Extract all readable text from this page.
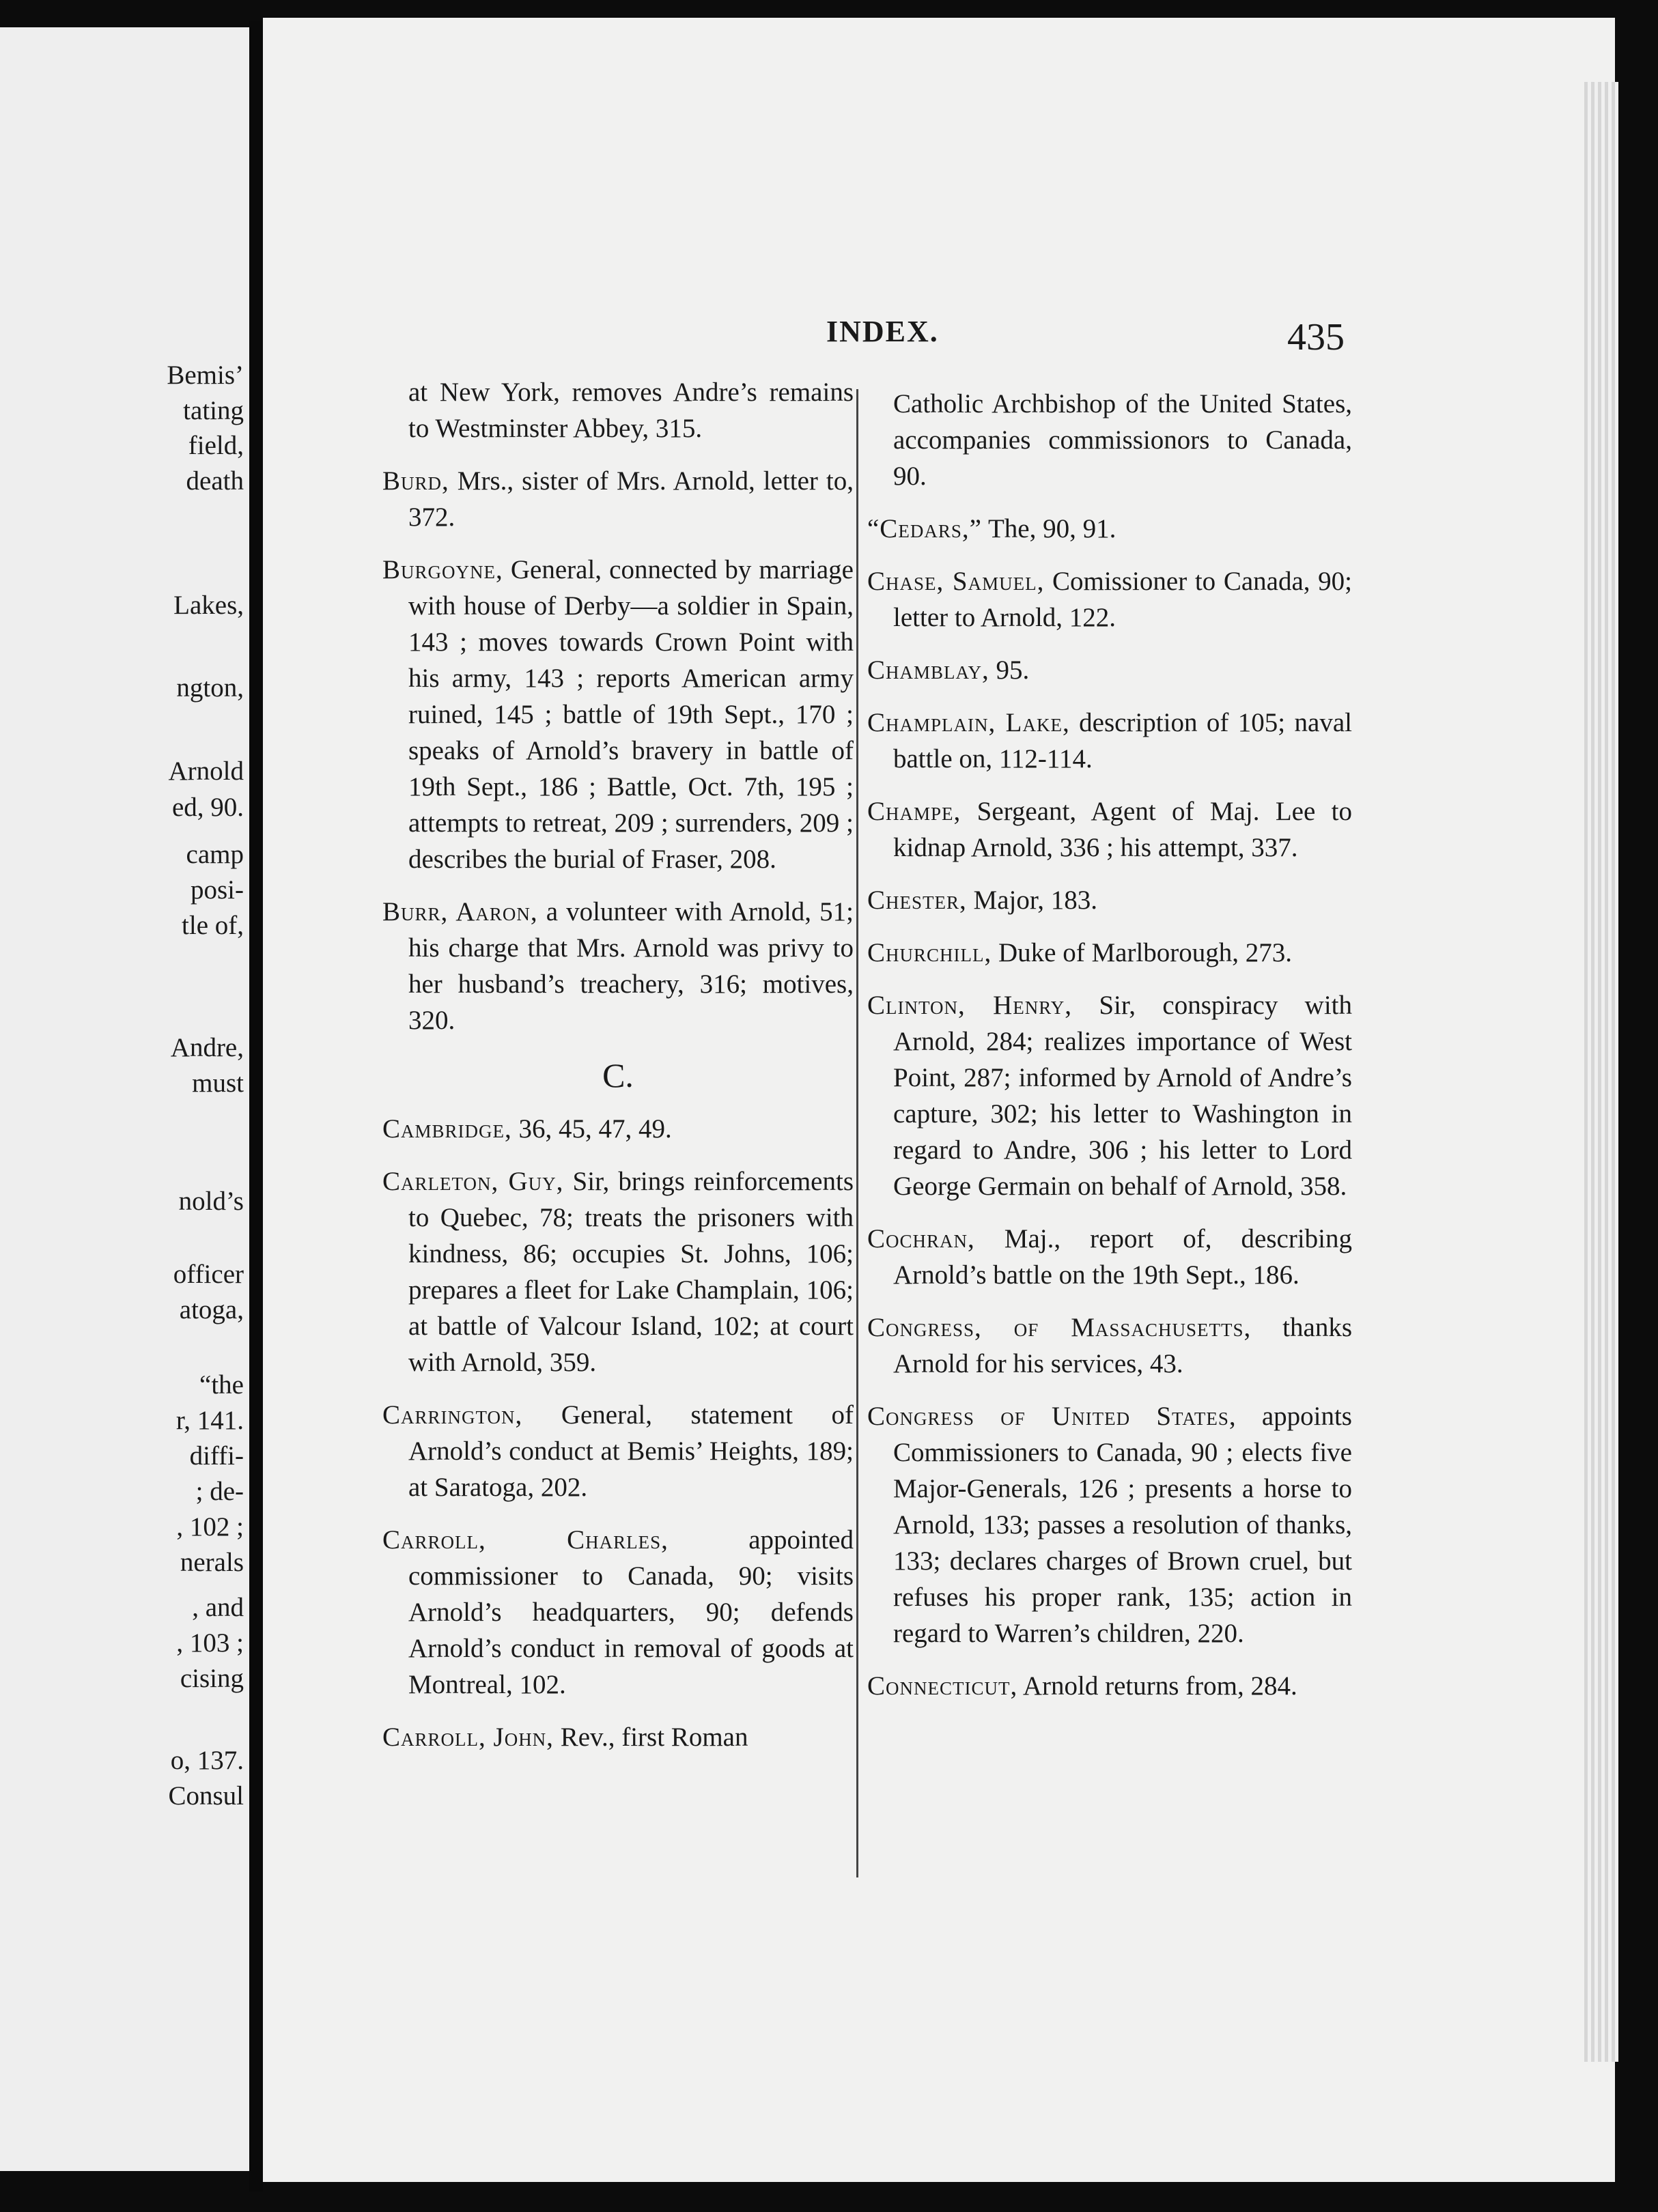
Bemis’
tating
field,
death
Lakes,
ngton,
Arnold
ed, 90.
camp
posi-
tle of,
Andre,
must
nold’s
officer
atoga,
“the
r, 141.
diffi-
; de-
, 102 ;
nerals
, and
, 103 ;
cising
o, 137.
Consul
INDEX.	435
at New York, removes Andre’s remains to Westminster Abbey, 315.
Burd, Mrs., sister of Mrs. Arnold, letter to, 372.
Burgoyne, General, connected by marriage with house of Derby—a soldier in Spain, 143 ; moves towards Crown Point with his army, 143 ; reports American army ruined, 145 ; battle of 19th Sept., 170 ; speaks of Arnold’s bravery in battle of 19th Sept., 186 ; Battle, Oct. 7th, 195 ; attempts to retreat, 209 ; surrenders, 209 ; describes the burial of Fraser, 208.
Burr, Aaron, a volunteer with Arnold, 51; his charge that Mrs. Arnold was privy to her husband’s treachery, 316; motives, 320.
C.
Cambridge, 36, 45, 47, 49.
Carleton, Guy, Sir, brings reinforcements to Quebec, 78; treats the prisoners with kindness, 86; occupies St. Johns, 106; prepares a fleet for Lake Champlain, 106; at battle of Valcour Island, 102; at court with Arnold, 359.
Carrington, General, statement of Arnold’s conduct at Bemis’ Heights, 189; at Saratoga, 202.
Carroll, Charles, appointed commissioner to Canada, 90; visits Arnold’s headquarters, 90; defends Arnold’s conduct in removal of goods at Montreal, 102.
Carroll, John, Rev., first Roman
Catholic Archbishop of the United States, accompanies commissionors to Canada, 90.
“Cedars,” The, 90, 91.
Chase, Samuel, Comissioner to Canada, 90; letter to Arnold, 122.
Chamblay, 95.
Champlain, Lake, description of 105; naval battle on, 112-114.
Champe, Sergeant, Agent of Maj. Lee to kidnap Arnold, 336 ; his attempt, 337.
Chester, Major, 183.
Churchill, Duke of Marlborough, 273.
Clinton, Henry, Sir, conspiracy with Arnold, 284; realizes importance of West Point, 287; informed by Arnold of Andre’s capture, 302; his letter to Washington in regard to Andre, 306 ; his letter to Lord George Germain on behalf of Arnold, 358.
Cochran, Maj., report of, describing Arnold’s battle on the 19th Sept., 186.
Congress, of Massachusetts, thanks Arnold for his services, 43.
Congress of United States, appoints Commissioners to Canada, 90 ; elects five Major-Generals, 126 ; presents a horse to Arnold, 133; passes a resolution of thanks, 133; declares charges of Brown cruel, but refuses his proper rank, 135; action in regard to Warren’s children, 220.
Connecticut, Arnold returns from, 284.
